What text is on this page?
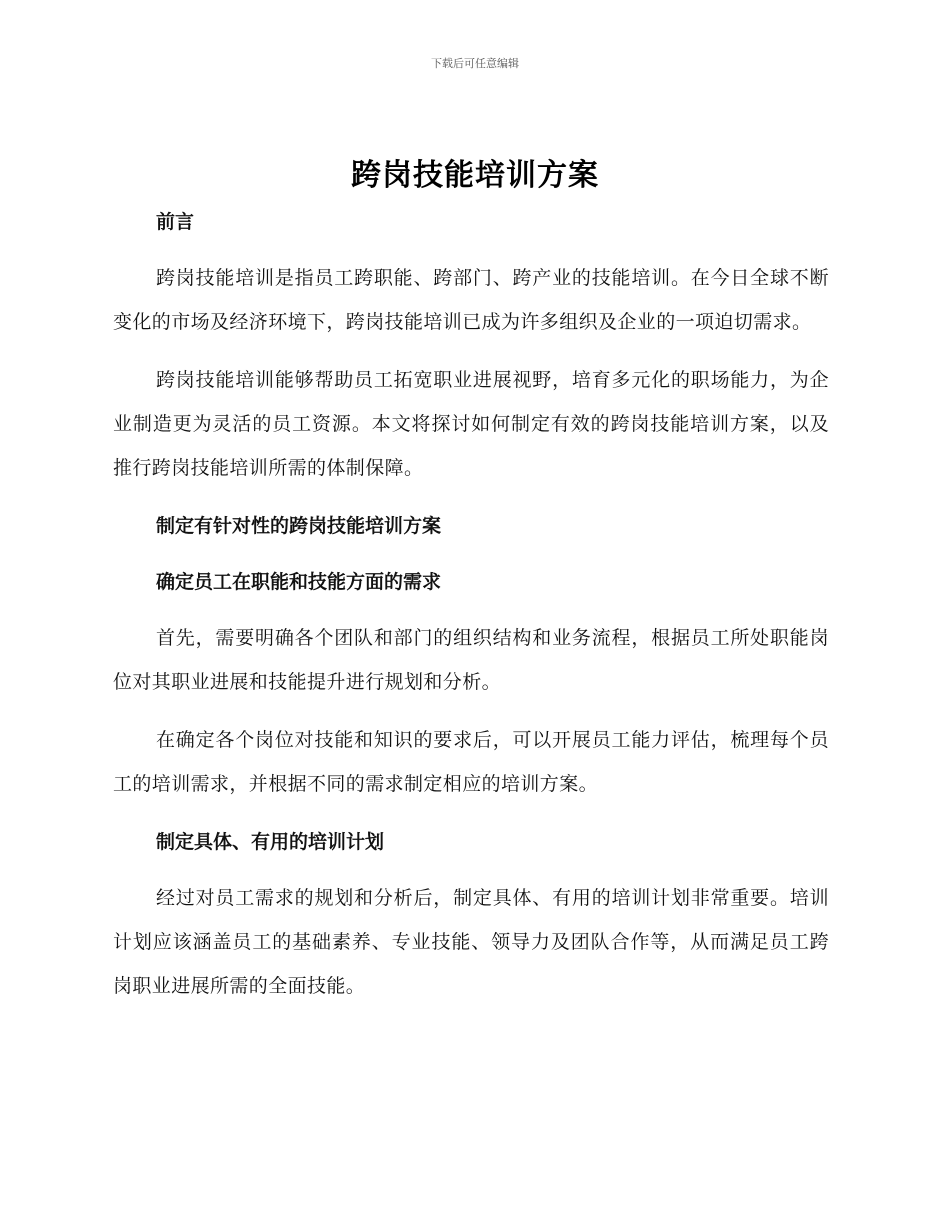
下载后可任意编辑
跨岗技能培训方案

前言

跨岗技能培训是指员工跨职能、跨部门、跨产业的技能培训。在今日全球不断变化的市场及经济环境下，跨岗技能培训已成为许多组织及企业的一项迫切需求。

跨岗技能培训能够帮助员工拓宽职业进展视野，培育多元化的职场能力，为企业制造更为灵活的员工资源。本文将探讨如何制定有效的跨岗技能培训方案，以及推行跨岗技能培训所需的体制保障。

制定有针对性的跨岗技能培训方案

确定员工在职能和技能方面的需求

首先，需要明确各个团队和部门的组织结构和业务流程，根据员工所处职能岗位对其职业进展和技能提升进行规划和分析。

在确定各个岗位对技能和知识的要求后，可以开展员工能力评估，梳理每个员工的培训需求，并根据不同的需求制定相应的培训方案。

制定具体、有用的培训计划

经过对员工需求的规划和分析后，制定具体、有用的培训计划非常重要。培训计划应该涵盖员工的基础素养、专业技能、领导力及团队合作等，从而满足员工跨岗职业进展所需的全面技能。
